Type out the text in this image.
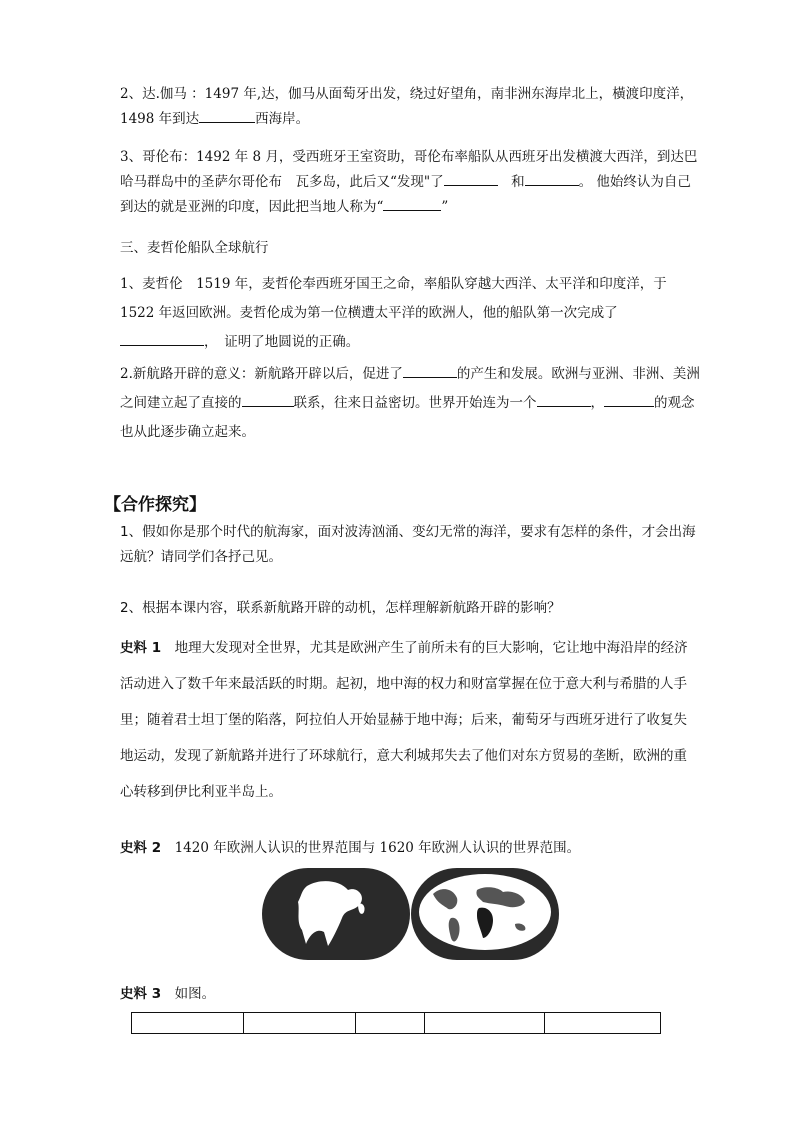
2、达.伽马 ：1497 年,达，伽马从面萄牙出发，绕过好望角，南非洲东海岸北上，橫渡印度洋，1498 年到达	西海岸。

3、哥伦布：1492 年 8 月，受西班牙王室资助，哥伦布率船队从西班牙出发横渡大西洋，到达巴哈马群岛中的圣萨尔哥伦布　瓦多岛，此后又“发现"了　	和	。 他始终认为自己到达的就是亚洲的印度，因此把当地人称为“	”

三、麦哲伦船队全球航行

1、麦哲伦　1519 年，麦哲伦奉西班牙国王之命，率船队穿越大西洋、太平洋和印度洋，于 1522 年返回欧洲。麦哲伦成为第一位横遭太平洋的欧洲人，他的船队第一次完成了，　证明了地圆说的正确。

2.新航路开辟的意义：新航路开辟以后，促进了	的产生和发展。欧洲与亚洲、非洲、美洲之间建立起了直接的	联系，往来日益密切。世界开始连为一个	，	的观念也从此逐步确立起来。

【合作探究】

1、假如你是那个时代的航海家，面对波涛汹涌、变幻无常的海洋，要求有怎样的条件，才会出海远航？请同学们各抒己见。

2、根据本课内容，联系新航路开辟的动机，怎样理解新航路开辟的影响？

史料 1　 地理大发现对全世界，尤其是欧洲产生了前所未有的巨大影响，它让地中海沿岸的经济活动进入了数千年来最活跃的时期。起初，地中海的权力和财富掌握在位于意大利与希腊的人手里；随着君士坦丁堡的陷落，阿拉伯人开始显赫于地中海；后来，葡萄牙与西班牙进行了收复失地运动，发现了新航路并进行了环球航行，意大利城邦失去了他们对东方贸易的垄断，欧洲的重心转移到伊比利亚半岛上。

史料 2　 1420 年欧洲人认识的世界范围与 1620 年欧洲人认识的世界范围。

史料 3　 如图。
